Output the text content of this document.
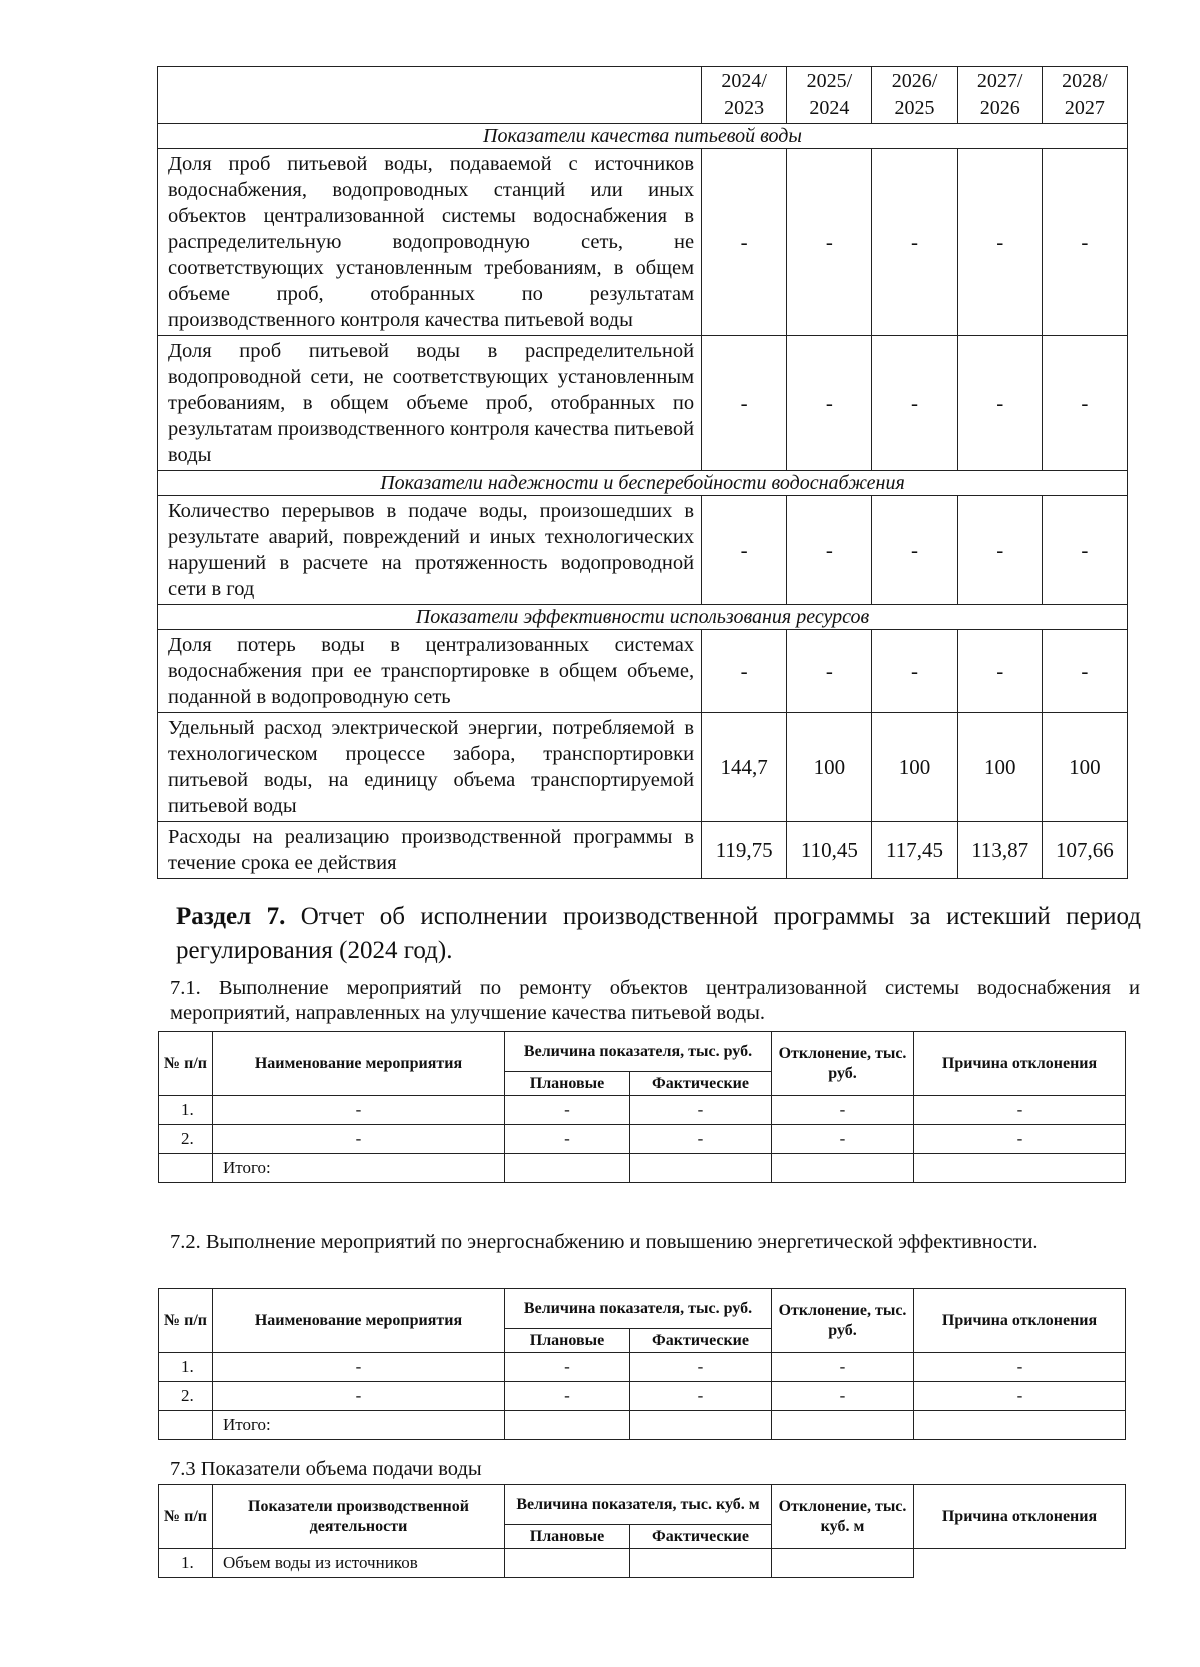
	2024/ 2023	2025/ 2024	2026/ 2025	2027/ 2026	2028/ 2027
Показатели качества питьевой воды					
Доля проб питьевой воды, подаваемой с источников водоснабжения, водопроводных станций или иных объектов централизованной системы водоснабжения в распределительную водопроводную сеть, не соответствующих установленным требованиям, в общем объеме проб, отобранных по результатам производственного контроля качества питьевой воды	-	-	-	-	-
Доля проб питьевой воды в распределительной водопроводной сети, не соответствующих установленным требованиям, в общем объеме проб, отобранных по результатам производственного контроля качества питьевой воды	-	-	-	-	-
Показатели надежности и бесперебойности водоснабжения					
Количество перерывов в подаче воды, произошедших в результате аварий, повреждений и иных технологических нарушений в расчете на протяженность водопроводной сети в год	-	-	-	-	-
Показатели эффективности использования ресурсов					
Доля потерь воды в централизованных системах водоснабжения при ее транспортировке в общем объеме, поданной в водопроводную сеть	-	-	-	-	-
Удельный расход электрической энергии, потребляемой в технологическом процессе забора, транспортировки питьевой воды, на единицу объема транспортируемой питьевой воды	144,7	100	100	100	100
Расходы на реализацию производственной программы в течение срока ее действия	119,75	110,45	117,45	113,87	107,66
Раздел 7. Отчет об исполнении производственной программы за истекший период регулирования (2024 год).
7.1. Выполнение мероприятий по ремонту объектов централизованной системы водоснабжения и мероприятий, направленных на улучшение качества питьевой воды.
№ п/п	Наименование мероприятия	Величина показателя, тыс. руб.		Отклонение, тыс. руб.	Причина отклонения
		Плановые	Фактические		
1.	-	-	-	-	-
2.	-	-	-	-	-
	Итого:				
7.2. Выполнение мероприятий по энергоснабжению и повышению энергетической эффективности.
№ п/п	Наименование мероприятия	Величина показателя, тыс. руб.		Отклонение, тыс. руб.	Причина отклонения
		Плановые	Фактические		
1.	-	-	-	-	-
2.	-	-	-	-	-
	Итого:				
7.3 Показатели объема подачи воды
№ п/п	Показатели производственной деятельности	Величина показателя, тыс. куб. м		Отклонение, тыс. куб. м	Причина отклонения
		Плановые	Фактические		
1.	Объем воды из источников				
